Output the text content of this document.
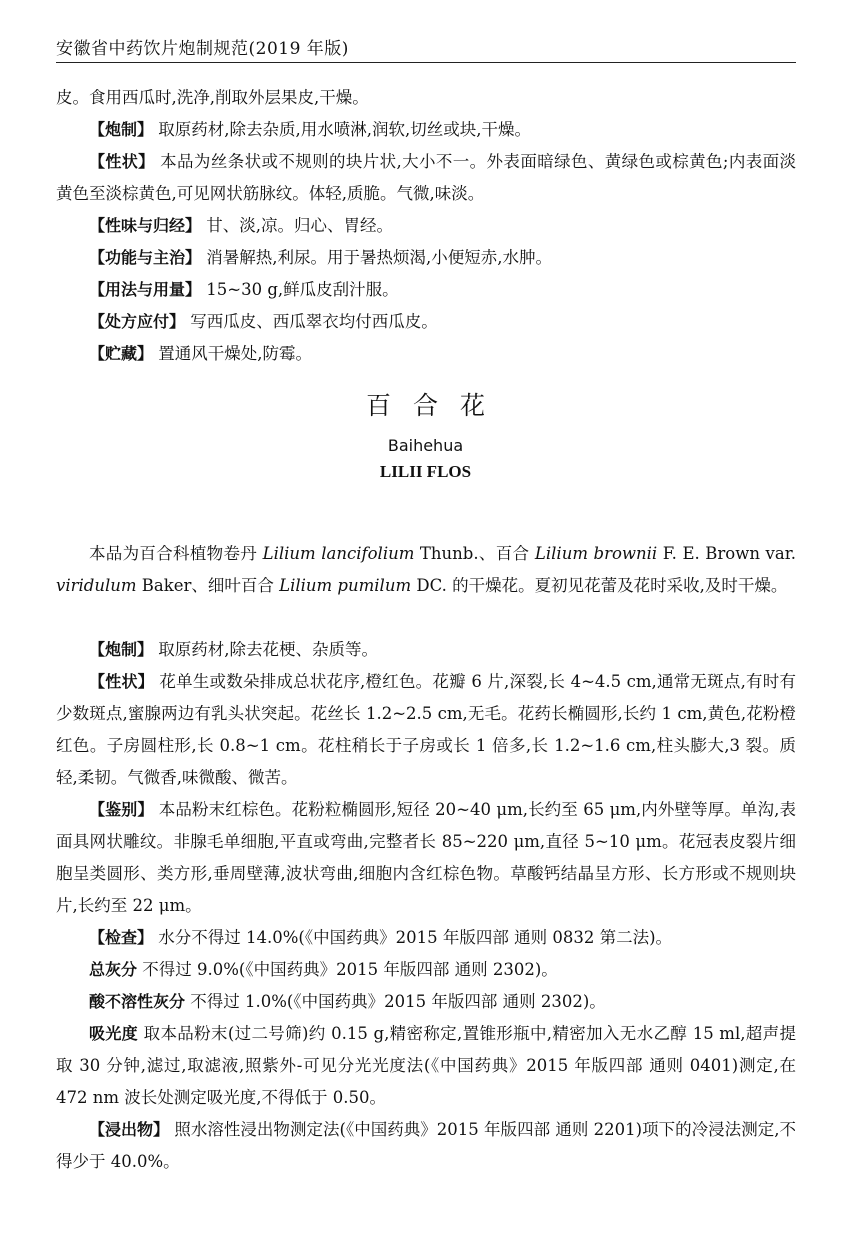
安徽省中药饮片炮制规范(2019 年版)
皮。食用西瓜时,洗净,削取外层果皮,干燥。
【炮制】 取原药材,除去杂质,用水喷淋,润软,切丝或块,干燥。
【性状】 本品为丝条状或不规则的块片状,大小不一。外表面暗绿色、黄绿色或棕黄色;内表面淡黄色至淡棕黄色,可见网状筋脉纹。体轻,质脆。气微,味淡。
【性味与归经】 甘、淡,凉。归心、胃经。
【功能与主治】 消暑解热,利尿。用于暑热烦渴,小便短赤,水肿。
【用法与用量】 15~30 g,鲜瓜皮刮汁服。
【处方应付】 写西瓜皮、西瓜翠衣均付西瓜皮。
【贮藏】 置通风干燥处,防霉。
百合花
Baihehua
LILII FLOS
本品为百合科植物卷丹 Lilium lancifolium Thunb.、百合 Lilium brownii F. E. Brown var. viridulum Baker、细叶百合 Lilium pumilum DC. 的干燥花。夏初见花蕾及花时采收,及时干燥。
【炮制】 取原药材,除去花梗、杂质等。
【性状】 花单生或数朵排成总状花序,橙红色。花瓣 6 片,深裂,长 4~4.5 cm,通常无斑点,有时有少数斑点,蜜腺两边有乳头状突起。花丝长 1.2~2.5 cm,无毛。花药长椭圆形,长约 1 cm,黄色,花粉橙红色。子房圆柱形,长 0.8~1 cm。花柱稍长于子房或长 1 倍多,长 1.2~1.6 cm,柱头膨大,3 裂。质轻,柔韧。气微香,味微酸、微苦。
【鉴别】 本品粉末红棕色。花粉粒椭圆形,短径 20~40 μm,长约至 65 μm,内外壁等厚。单沟,表面具网状雕纹。非腺毛单细胞,平直或弯曲,完整者长 85~220 μm,直径 5~10 μm。花冠表皮裂片细胞呈类圆形、类方形,垂周壁薄,波状弯曲,细胞内含红棕色物。草酸钙结晶呈方形、长方形或不规则块片,长约至 22 μm。
【检查】 水分不得过 14.0%(《中国药典》2015 年版四部 通则 0832 第二法)。
总灰分 不得过 9.0%(《中国药典》2015 年版四部 通则 2302)。
酸不溶性灰分 不得过 1.0%(《中国药典》2015 年版四部 通则 2302)。
吸光度 取本品粉末(过二号筛)约 0.15 g,精密称定,置锥形瓶中,精密加入无水乙醇 15 ml,超声提取 30 分钟,滤过,取滤液,照紫外-可见分光光度法(《中国药典》2015 年版四部 通则 0401)测定,在 472 nm 波长处测定吸光度,不得低于 0.50。
【浸出物】 照水溶性浸出物测定法(《中国药典》2015 年版四部 通则 2201)项下的冷浸法测定,不得少于 40.0%。
